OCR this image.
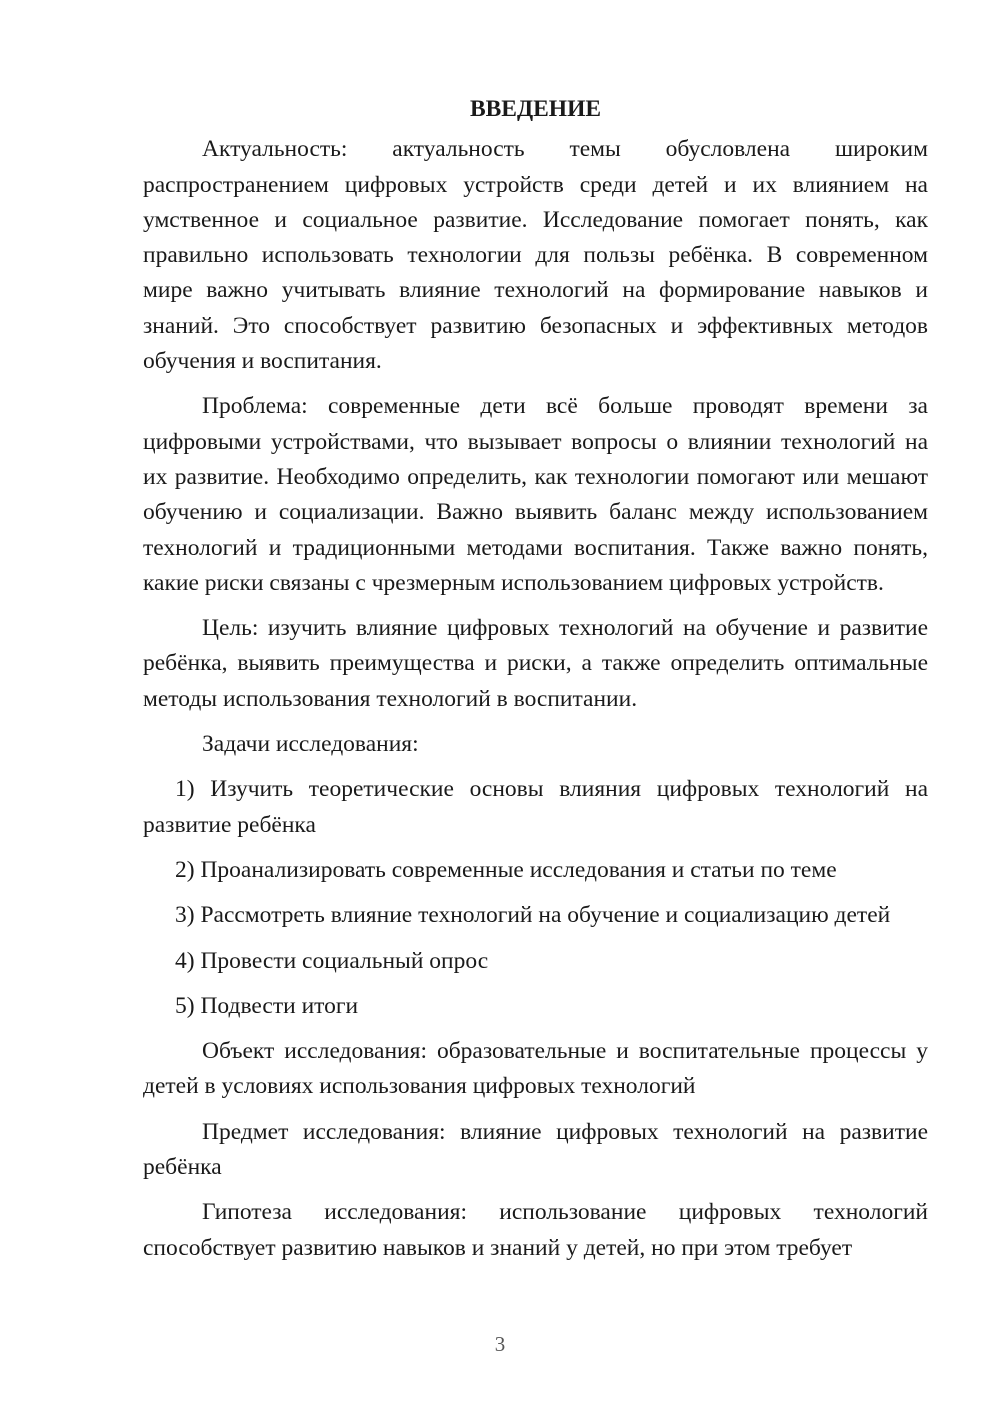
ВВЕДЕНИЕ

Актуальность: актуальность темы обусловлена широким распространением цифровых устройств среди детей и их влиянием на умственное и социальное развитие. Исследование помогает понять, как правильно использовать технологии для пользы ребёнка. В современном мире важно учитывать влияние технологий на формирование навыков и знаний. Это способствует развитию безопасных и эффективных методов обучения и воспитания.

Проблема: современные дети всё больше проводят времени за цифровыми устройствами, что вызывает вопросы о влиянии технологий на их развитие. Необходимо определить, как технологии помогают или мешают обучению и социализации. Важно выявить баланс между использованием технологий и традиционными методами воспитания. Также важно понять, какие риски связаны с чрезмерным использованием цифровых устройств.

Цель: изучить влияние цифровых технологий на обучение и развитие ребёнка, выявить преимущества и риски, а также определить оптимальные методы использования технологий в воспитании.

Задачи исследования:

1) Изучить теоретические основы влияния цифровых технологий на развитие ребёнка

2) Проанализировать современные исследования и статьи по теме

3) Рассмотреть влияние технологий на обучение и социализацию детей

4) Провести социальный опрос

5) Подвести итоги

Объект исследования: образовательные и воспитательные процессы у детей в условиях использования цифровых технологий

Предмет исследования: влияние цифровых технологий на развитие ребёнка

Гипотеза исследования: использование цифровых технологий способствует развитию навыков и знаний у детей, но при этом требует

3
